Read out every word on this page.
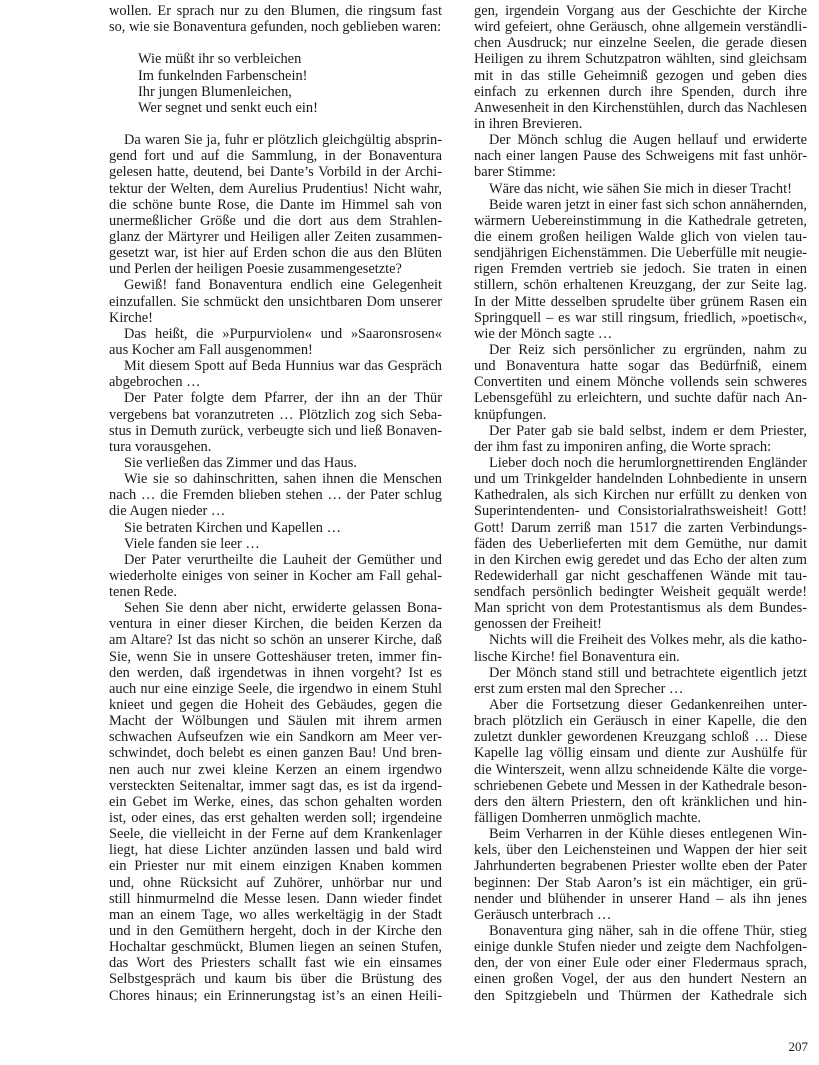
wollen. Er sprach nur zu den Blumen, die ringsum fast
so, wie sie Bonaventura gefunden, noch geblieben waren:
Wie müßt ihr so verbleichen
Im funkelnden Farbenschein!
Ihr jungen Blumenleichen,
Wer segnet und senkt euch ein!
Da waren Sie ja, fuhr er plötzlich gleichgültig absprin-
gend fort und auf die Sammlung, in der Bonaventura
gelesen hatte, deutend, bei Dante’s Vorbild in der Archi-
tektur der Welten, dem Aurelius Prudentius! Nicht wahr,
die schöne bunte Rose, die Dante im Himmel sah von
unermeßlicher Größe und die dort aus dem Strahlen-
glanz der Märtyrer und Heiligen aller Zeiten zusammen-
gesetzt war, ist hier auf Erden schon die aus den Blüten
und Perlen der heiligen Poesie zusammengesetzte?
Gewiß! fand Bonaventura endlich eine Gelegenheit
einzufallen. Sie schmückt den unsichtbaren Dom unserer
Kirche!
Das heißt, die »Purpurviolen« und »Saaronsrosen«
aus Kocher am Fall ausgenommen!
Mit diesem Spott auf Beda Hunnius war das Gespräch
abgebrochen …
Der Pater folgte dem Pfarrer, der ihn an der Thür
vergebens bat voranzutreten … Plötzlich zog sich Seba-
stus in Demuth zurück, verbeugte sich und ließ Bonaven-
tura vorausgehen.
Sie verließen das Zimmer und das Haus.
Wie sie so dahinschritten, sahen ihnen die Menschen
nach … die Fremden blieben stehen … der Pater schlug
die Augen nieder …
Sie betraten Kirchen und Kapellen …
Viele fanden sie leer …
Der Pater verurtheilte die Lauheit der Gemüther und
wiederholte einiges von seiner in Kocher am Fall gehal-
tenen Rede.
Sehen Sie denn aber nicht, erwiderte gelassen Bona-
ventura in einer dieser Kirchen, die beiden Kerzen da
am Altare? Ist das nicht so schön an unserer Kirche, daß
Sie, wenn Sie in unsere Gotteshäuser treten, immer fin-
den werden, daß irgendetwas in ihnen vorgeht? Ist es
auch nur eine einzige Seele, die irgendwo in einem Stuhl
knieet und gegen die Hoheit des Gebäudes, gegen die
Macht der Wölbungen und Säulen mit ihrem armen
schwachen Aufseufzen wie ein Sandkorn am Meer ver-
schwindet, doch belebt es einen ganzen Bau! Und bren-
nen auch nur zwei kleine Kerzen an einem irgendwo
versteckten Seitenaltar, immer sagt das, es ist da irgend-
ein Gebet im Werke, eines, das schon gehalten worden
ist, oder eines, das erst gehalten werden soll; irgendeine
Seele, die vielleicht in der Ferne auf dem Krankenlager
liegt, hat diese Lichter anzünden lassen und bald wird
ein Priester nur mit einem einzigen Knaben kommen
und, ohne Rücksicht auf Zuhörer, unhörbar nur und
still hinmurmelnd die Messe lesen. Dann wieder findet
man an einem Tage, wo alles werkeltägig in der Stadt
und in den Gemüthern hergeht, doch in der Kirche den
Hochaltar geschmückt, Blumen liegen an seinen Stufen,
das Wort des Priesters schallt fast wie ein einsames
Selbstgespräch und kaum bis über die Brüstung des
Chores hinaus; ein Erinnerungstag ist’s an einen Heili-
gen, irgendein Vorgang aus der Geschichte der Kirche
wird gefeiert, ohne Geräusch, ohne allgemein verständli-
chen Ausdruck; nur einzelne Seelen, die gerade diesen
Heiligen zu ihrem Schutzpatron wählten, sind gleichsam
mit in das stille Geheimniß gezogen und geben dies
einfach zu erkennen durch ihre Spenden, durch ihre
Anwesenheit in den Kirchenstühlen, durch das Nachlesen
in ihren Brevieren.
Der Mönch schlug die Augen hellauf und erwiderte
nach einer langen Pause des Schweigens mit fast unhör-
barer Stimme:
Wäre das nicht, wie sähen Sie mich in dieser Tracht!
Beide waren jetzt in einer fast sich schon annähernden,
wärmern Uebereinstimmung in die Kathedrale getreten,
die einem großen heiligen Walde glich von vielen tau-
sendjährigen Eichenstämmen. Die Ueberfülle mit neugie-
rigen Fremden vertrieb sie jedoch. Sie traten in einen
stillern, schön erhaltenen Kreuzgang, der zur Seite lag.
In der Mitte desselben sprudelte über grünem Rasen ein
Springquell – es war still ringsum, friedlich, »poetisch«,
wie der Mönch sagte …
Der Reiz sich persönlicher zu ergründen, nahm zu
und Bonaventura hatte sogar das Bedürfniß, einem
Convertiten und einem Mönche vollends sein schweres
Lebensgefühl zu erleichtern, und suchte dafür nach An-
knüpfungen.
Der Pater gab sie bald selbst, indem er dem Priester,
der ihm fast zu imponiren anfing, die Worte sprach:
Lieber doch noch die herumlorgnettirenden Engländer
und um Trinkgelder handelnden Lohnbediente in unsern
Kathedralen, als sich Kirchen nur erfüllt zu denken von
Superintendenten- und Consistorialrathsweisheit! Gott!
Gott! Darum zerriß man 1517 die zarten Verbindungs-
fäden des Ueberlieferten mit dem Gemüthe, nur damit
in den Kirchen ewig geredet und das Echo der alten zum
Redewiderhall gar nicht geschaffenen Wände mit tau-
sendfach persönlich bedingter Weisheit gequält werde!
Man spricht von dem Protestantismus als dem Bundes-
genossen der Freiheit!
Nichts will die Freiheit des Volkes mehr, als die katho-
lische Kirche! fiel Bonaventura ein.
Der Mönch stand still und betrachtete eigentlich jetzt
erst zum ersten mal den Sprecher …
Aber die Fortsetzung dieser Gedankenreihen unter-
brach plötzlich ein Geräusch in einer Kapelle, die den
zuletzt dunkler gewordenen Kreuzgang schloß … Diese
Kapelle lag völlig einsam und diente zur Aushülfe für
die Winterszeit, wenn allzu schneidende Kälte die vorge-
schriebenen Gebete und Messen in der Kathedrale beson-
ders den ältern Priestern, den oft kränklichen und hin-
fälligen Domherren unmöglich machte.
Beim Verharren in der Kühle dieses entlegenen Win-
kels, über den Leichensteinen und Wappen der hier seit
Jahrhunderten begrabenen Priester wollte eben der Pater
beginnen: Der Stab Aaron’s ist ein mächtiger, ein grü-
nender und blühender in unserer Hand – als ihn jenes
Geräusch unterbrach …
Bonaventura ging näher, sah in die offene Thür, stieg
einige dunkle Stufen nieder und zeigte dem Nachfolgen-
den, der von einer Eule oder einer Fledermaus sprach,
einen großen Vogel, der aus den hundert Nestern an
den Spitzgiebeln und Thürmen der Kathedrale sich
207
